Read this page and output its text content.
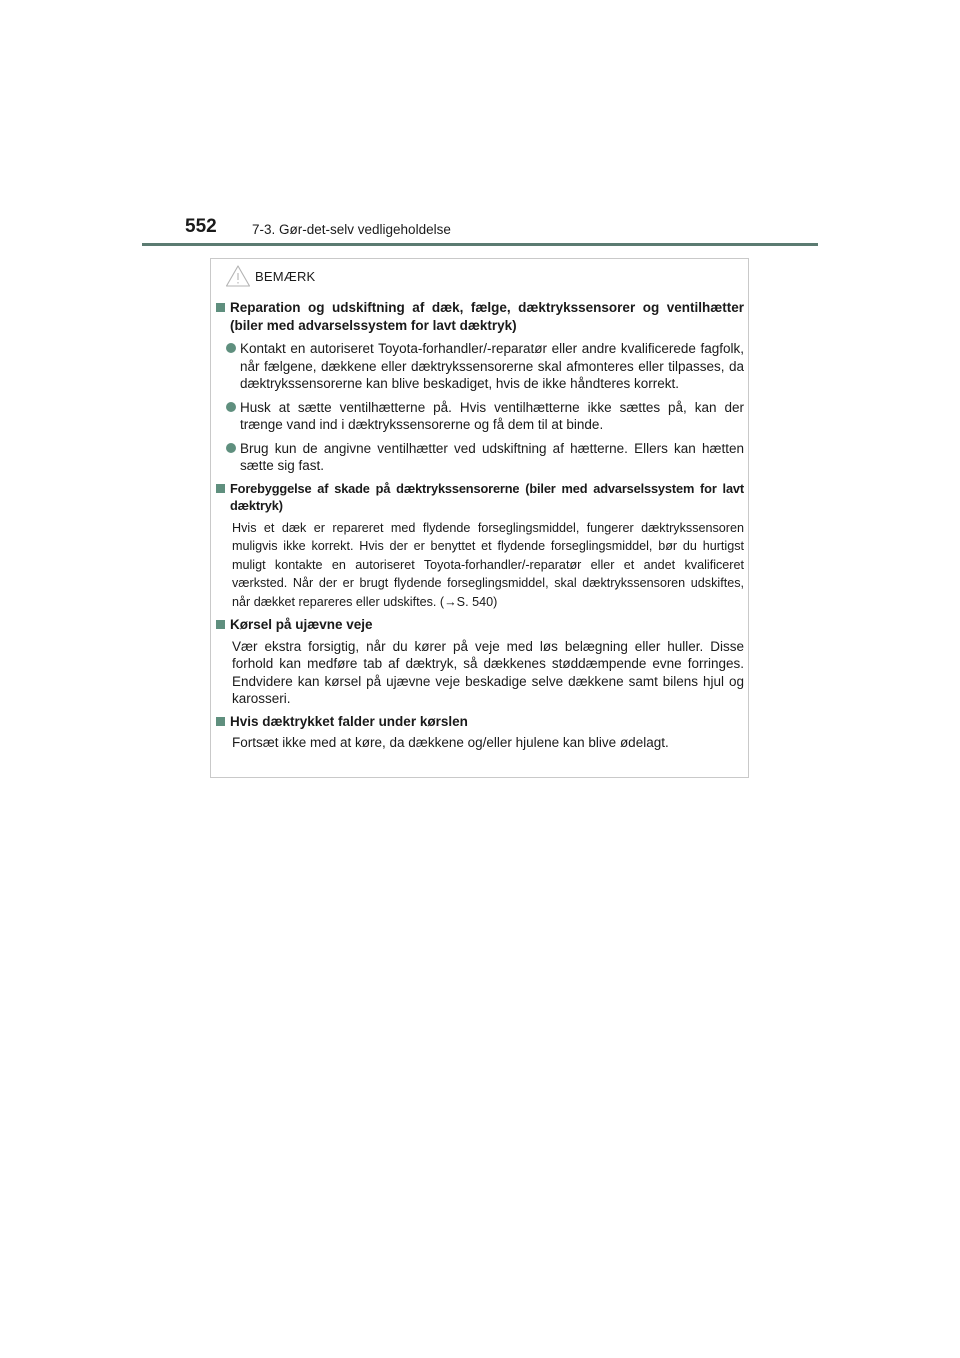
552	7-3. Gør-det-selv vedligeholdelse
BEMÆRK
Reparation og udskiftning af dæk, fælge, dæktrykssensorer og ventilhætter (biler med advarselssystem for lavt dæktryk)
Kontakt en autoriseret Toyota-forhandler/-reparatør eller andre kvalificerede fagfolk, når fælgene, dækkene eller dæktrykssensorerne skal afmonteres eller tilpasses, da dæktrykssensorerne kan blive beskadiget, hvis de ikke håndteres korrekt.
Husk at sætte ventilhætterne på. Hvis ventilhætterne ikke sættes på, kan der trænge vand ind i dæktrykssensorerne og få dem til at binde.
Brug kun de angivne ventilhætter ved udskiftning af hætterne. Ellers kan hætten sætte sig fast.
Forebyggelse af skade på dæktrykssensorerne (biler med advarselssystem for lavt dæktryk)
Hvis et dæk er repareret med flydende forseglingsmiddel, fungerer dæktrykssensoren muligvis ikke korrekt. Hvis der er benyttet et flydende forseglingsmiddel, bør du hurtigst muligt kontakte en autoriseret Toyota-forhandler/-reparatør eller et andet kvalificeret værksted. Når der er brugt flydende forseglingsmiddel, skal dæktrykssensoren udskiftes, når dækket repareres eller udskiftes. (→S. 540)
Kørsel på ujævne veje
Vær ekstra forsigtig, når du kører på veje med løs belægning eller huller. Disse forhold kan medføre tab af dæktryk, så dækkenes støddæmpende evne forringes. Endvidere kan kørsel på ujævne veje beskadige selve dækkene samt bilens hjul og karosseri.
Hvis dæktrykket falder under kørslen
Fortsæt ikke med at køre, da dækkene og/eller hjulene kan blive ødelagt.
